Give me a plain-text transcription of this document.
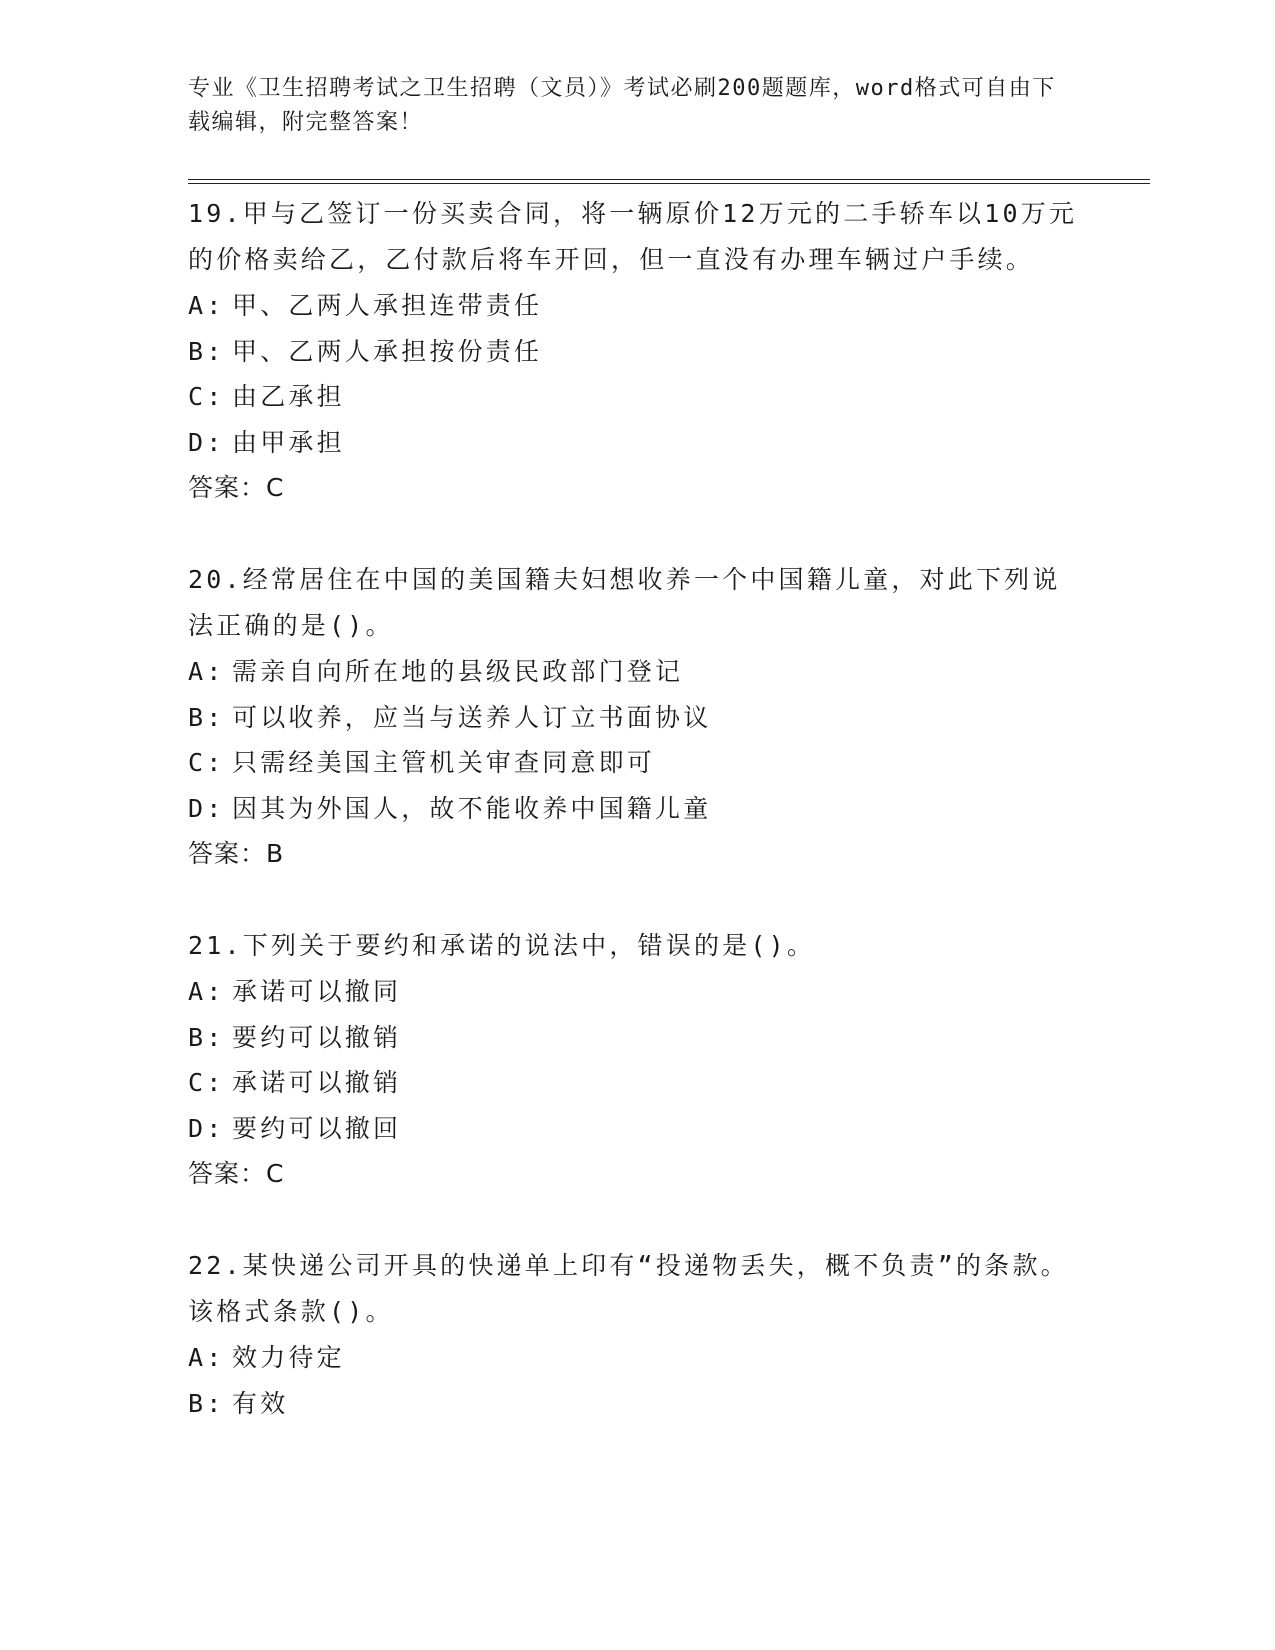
专业《卫生招聘考试之卫生招聘（文员）》考试必刷200题题库，word格式可自由下载编辑，附完整答案！
19.甲与乙签订一份买卖合同，将一辆原价12万元的二手轿车以10万元的价格卖给乙，乙付款后将车开回，但一直没有办理车辆过户手续。
A: 甲、乙两人承担连带责任
B: 甲、乙两人承担按份责任
C: 由乙承担
D: 由甲承担
答案：C
20.经常居住在中国的美国籍夫妇想收养一个中国籍儿童，对此下列说法正确的是()。
A: 需亲自向所在地的县级民政部门登记
B: 可以收养，应当与送养人订立书面协议
C: 只需经美国主管机关审查同意即可
D: 因其为外国人，故不能收养中国籍儿童
答案：B
21.下列关于要约和承诺的说法中，错误的是()。
A: 承诺可以撤同
B: 要约可以撤销
C: 承诺可以撤销
D: 要约可以撤回
答案：C
22.某快递公司开具的快递单上印有“投递物丢失，概不负责”的条款。该格式条款()。
A: 效力待定
B: 有效
